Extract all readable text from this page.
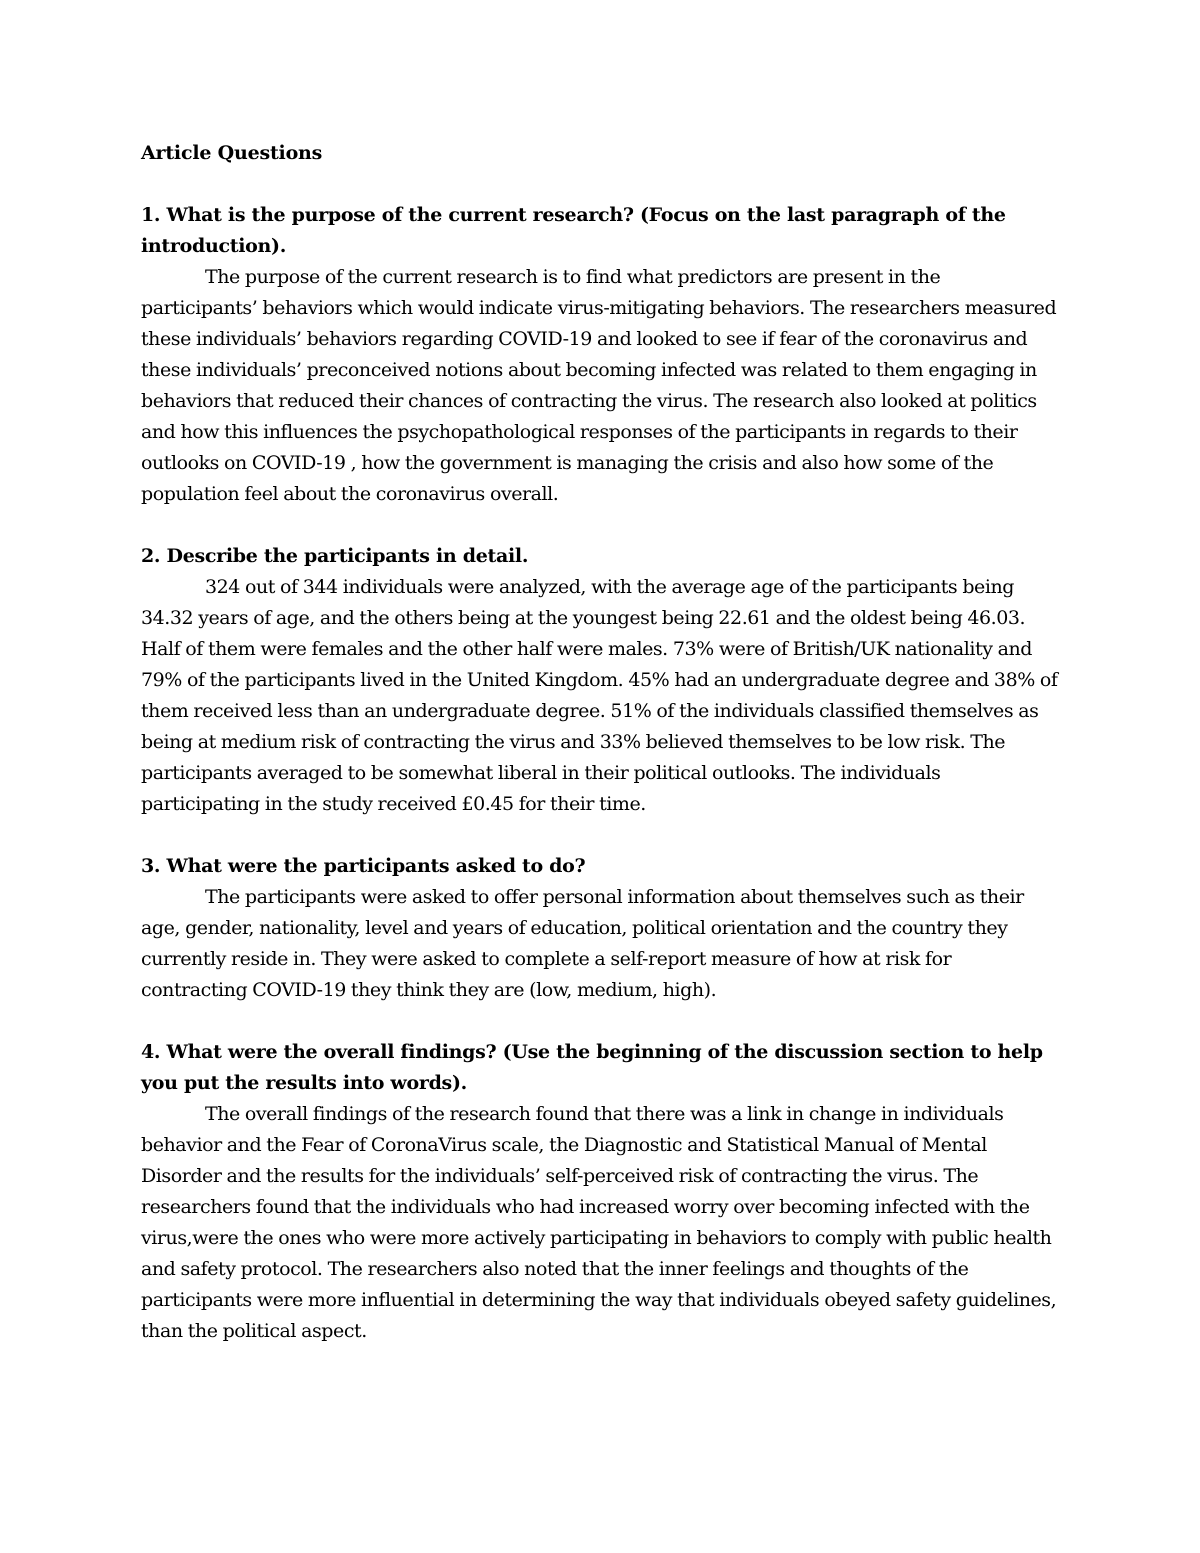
Article Questions

1. What is the purpose of the current research? (Focus on the last paragraph of the introduction).

The purpose of the current research is to find what predictors are present in the participants’ behaviors which would indicate virus-mitigating behaviors. The researchers measured these individuals’ behaviors regarding COVID-19 and looked to see if fear of the coronavirus and these individuals’ preconceived notions about becoming infected was related to them engaging in behaviors that reduced their chances of contracting the virus. The research also looked at politics and how this influences the psychopathological responses of the participants in regards to their outlooks on COVID-19 , how the government is managing the crisis and also how some of the population feel about the coronavirus overall.

2. Describe the participants in detail.

324 out of 344 individuals were analyzed, with the average age of the participants being 34.32 years of age, and the others being at the youngest being 22.61 and the oldest being 46.03. Half of them were females and the other half were males. 73% were of British/UK nationality and 79% of the participants lived in the United Kingdom. 45% had an undergraduate degree and 38% of them received less than an undergraduate degree. 51% of the individuals classified themselves as being at medium risk of contracting the virus and 33% believed themselves to be low risk. The participants averaged to be somewhat liberal in their political outlooks. The individuals participating in the study received £0.45 for their time.

3. What were the participants asked to do?

The participants were asked to offer personal information about themselves such as their age, gender, nationality, level and years of education, political orientation and the country they currently reside in. They were asked to complete a self-report measure of how at risk for contracting COVID-19 they think they are (low, medium, high).

4. What were the overall findings? (Use the beginning of the discussion section to help you put the results into words).

The overall findings of the research found that there was a link in change in individuals behavior and the Fear of CoronaVirus scale, the Diagnostic and Statistical Manual of Mental Disorder and the results for the individuals’ self-perceived risk of contracting the virus. The researchers found that the individuals who had increased worry over becoming infected with the virus,were the ones who were more actively participating in behaviors to comply with public health and safety protocol. The researchers also noted that the inner feelings and thoughts of the participants were more influential in determining the way that individuals obeyed safety guidelines, than the political aspect.
